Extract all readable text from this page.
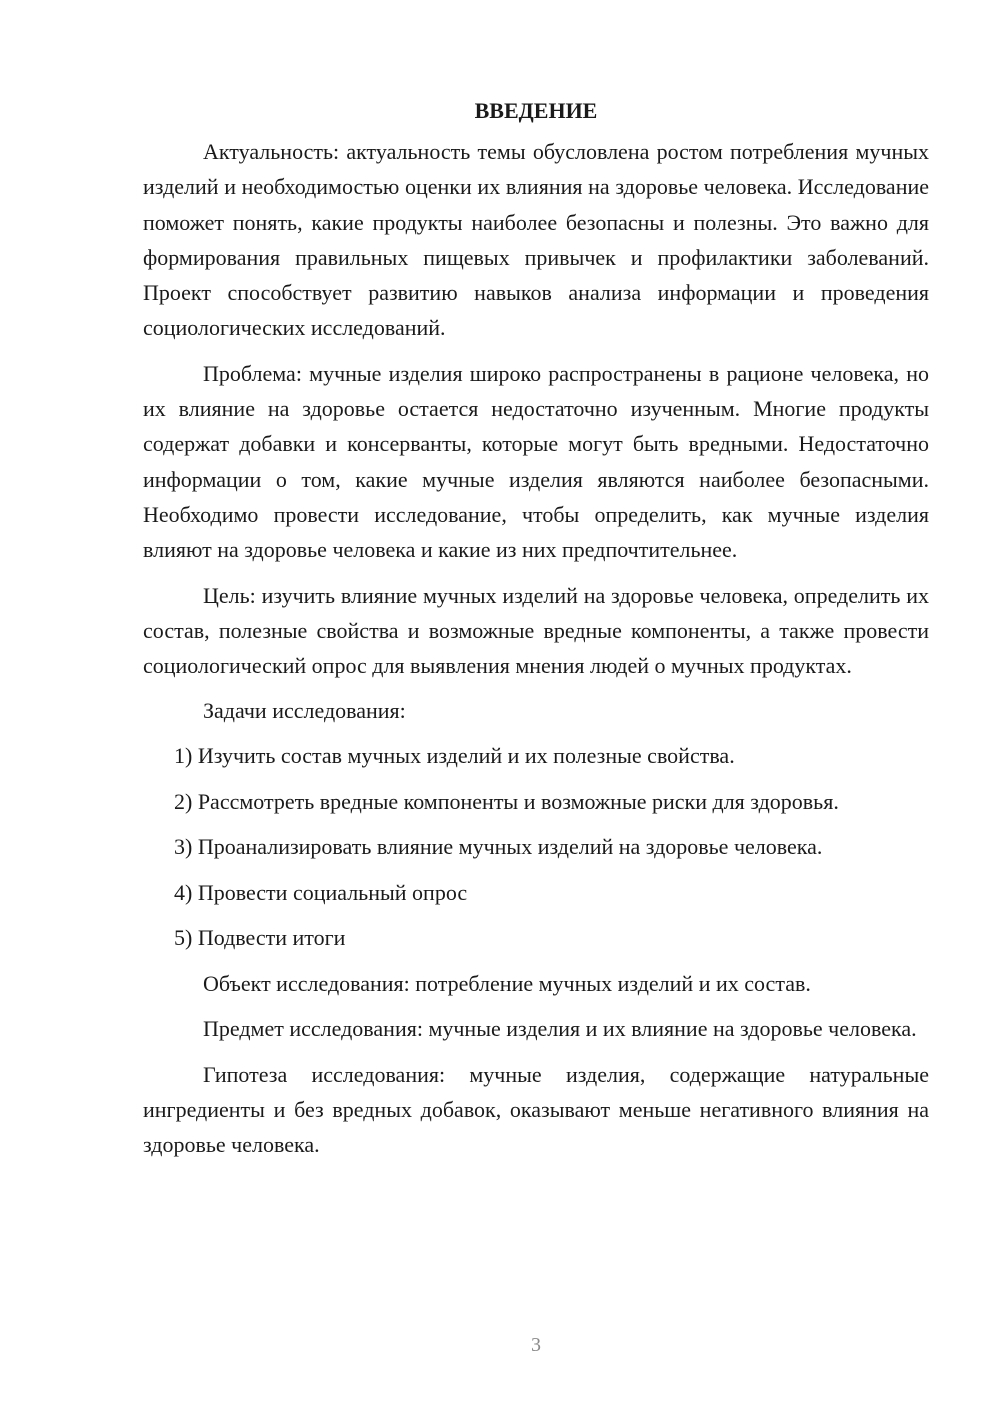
ВВЕДЕНИЕ

Актуальность: актуальность темы обусловлена ростом потребления мучных изделий и необходимостью оценки их влияния на здоровье человека. Исследование поможет понять, какие продукты наиболее безопасны и полезны. Это важно для формирования правильных пищевых привычек и профилактики заболеваний. Проект способствует развитию навыков анализа информации и проведения социологических исследований.

Проблема: мучные изделия широко распространены в рационе человека, но их влияние на здоровье остается недостаточно изученным. Многие продукты содержат добавки и консерванты, которые могут быть вредными. Недостаточно информации о том, какие мучные изделия являются наиболее безопасными. Необходимо провести исследование, чтобы определить, как мучные изделия влияют на здоровье человека и какие из них предпочтительнее.

Цель: изучить влияние мучных изделий на здоровье человека, определить их состав, полезные свойства и возможные вредные компоненты, а также провести социологический опрос для выявления мнения людей о мучных продуктах.

Задачи исследования:
1) Изучить состав мучных изделий и их полезные свойства.
2) Рассмотреть вредные компоненты и возможные риски для здоровья.
3) Проанализировать влияние мучных изделий на здоровье человека.
4) Провести социальный опрос
5) Подвести итоги

Объект исследования: потребление мучных изделий и их состав.

Предмет исследования: мучные изделия и их влияние на здоровье человека.

Гипотеза исследования: мучные изделия, содержащие натуральные ингредиенты и без вредных добавок, оказывают меньше негативного влияния на здоровье человека.

3
